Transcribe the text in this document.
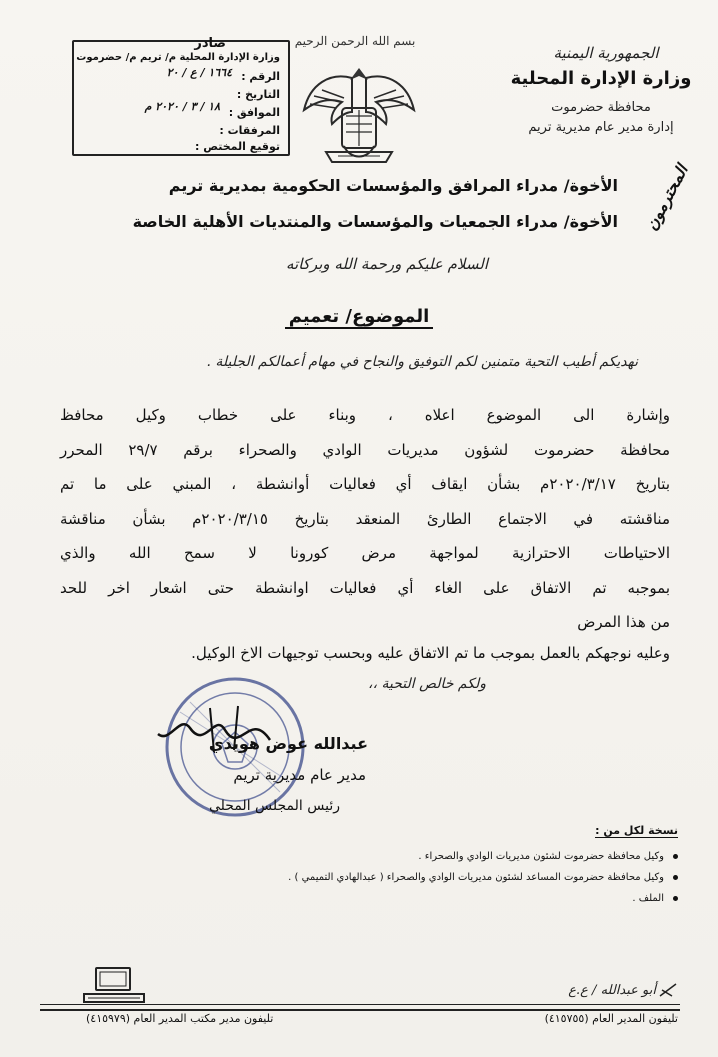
الجمهورية اليمنية
وزارة الإدارة المحلية
محافظة حضرموت
إدارة مدير عام مديرية تريم
بسم الله الرحمن الرحيم
صادر
وزارة الإدارة المحلية م/ تريم م/ حضرموت
الرقم :
١٦٦٤ / ع / ٢٠
التاريخ :
الموافق :
١٨ / ٣ / ٢٠٢٠ م
المرفقات :
توقيع المختص :
الأخوة/ مدراء المرافق والمؤسسات الحكومية بمديرية تريم
الأخوة/ مدراء الجمعيات والمؤسسات والمنتديات الأهلية الخاصة المحترمون
السلام عليكم ورحمة الله وبركاته
الموضوع/ تعميم
نهديكم أطيب التحية متمنين لكم التوفيق والنجاح في مهام أعمالكم الجليلة .
وإشارة الى الموضوع اعلاه ، وبناء على خطاب وكيل محافظ
محافظة حضرموت لشؤون مديريات الوادي والصحراء برقم ٢٩/٧ المحرر
بتاريخ ٢٠٢٠/٣/١٧م بشأن ايقاف أي فعاليات أوانشطة ، المبني على ما تم
مناقشته في الاجتماع الطارئ المنعقد بتاريخ ٢٠٢٠/٣/١٥م بشأن مناقشة
الاحتياطات الاحترازية لمواجهة مرض كورونا لا سمح الله والذي
بموجبه تم الاتفاق على الغاء أي فعاليات اوانشطة حتى اشعار اخر للحد
من هذا المرض
وعليه نوجهكم بالعمل بموجب ما تم الاتفاق عليه وبحسب توجيهات الاخ الوكيل.
ولكم خالص التحية ،،
عبدالله عوض هويدي
مدير عام مديرية تريم
رئيس المجلس المحلي
نسخة لكل من :
وكيل محافظة حضرموت لشئون مديريات الوادي والصحراء .
وكيل محافظة حضرموت المساعد لشئون مديريات الوادي والصحراء ( عبدالهادي التميمي ) .
الملف .
أبو عبدالله / ع.ع
تليفون المدير العام (٤١٥٧٥٥)
تليفون مدير مكتب المدير العام (٤١٥٩٧٩)
